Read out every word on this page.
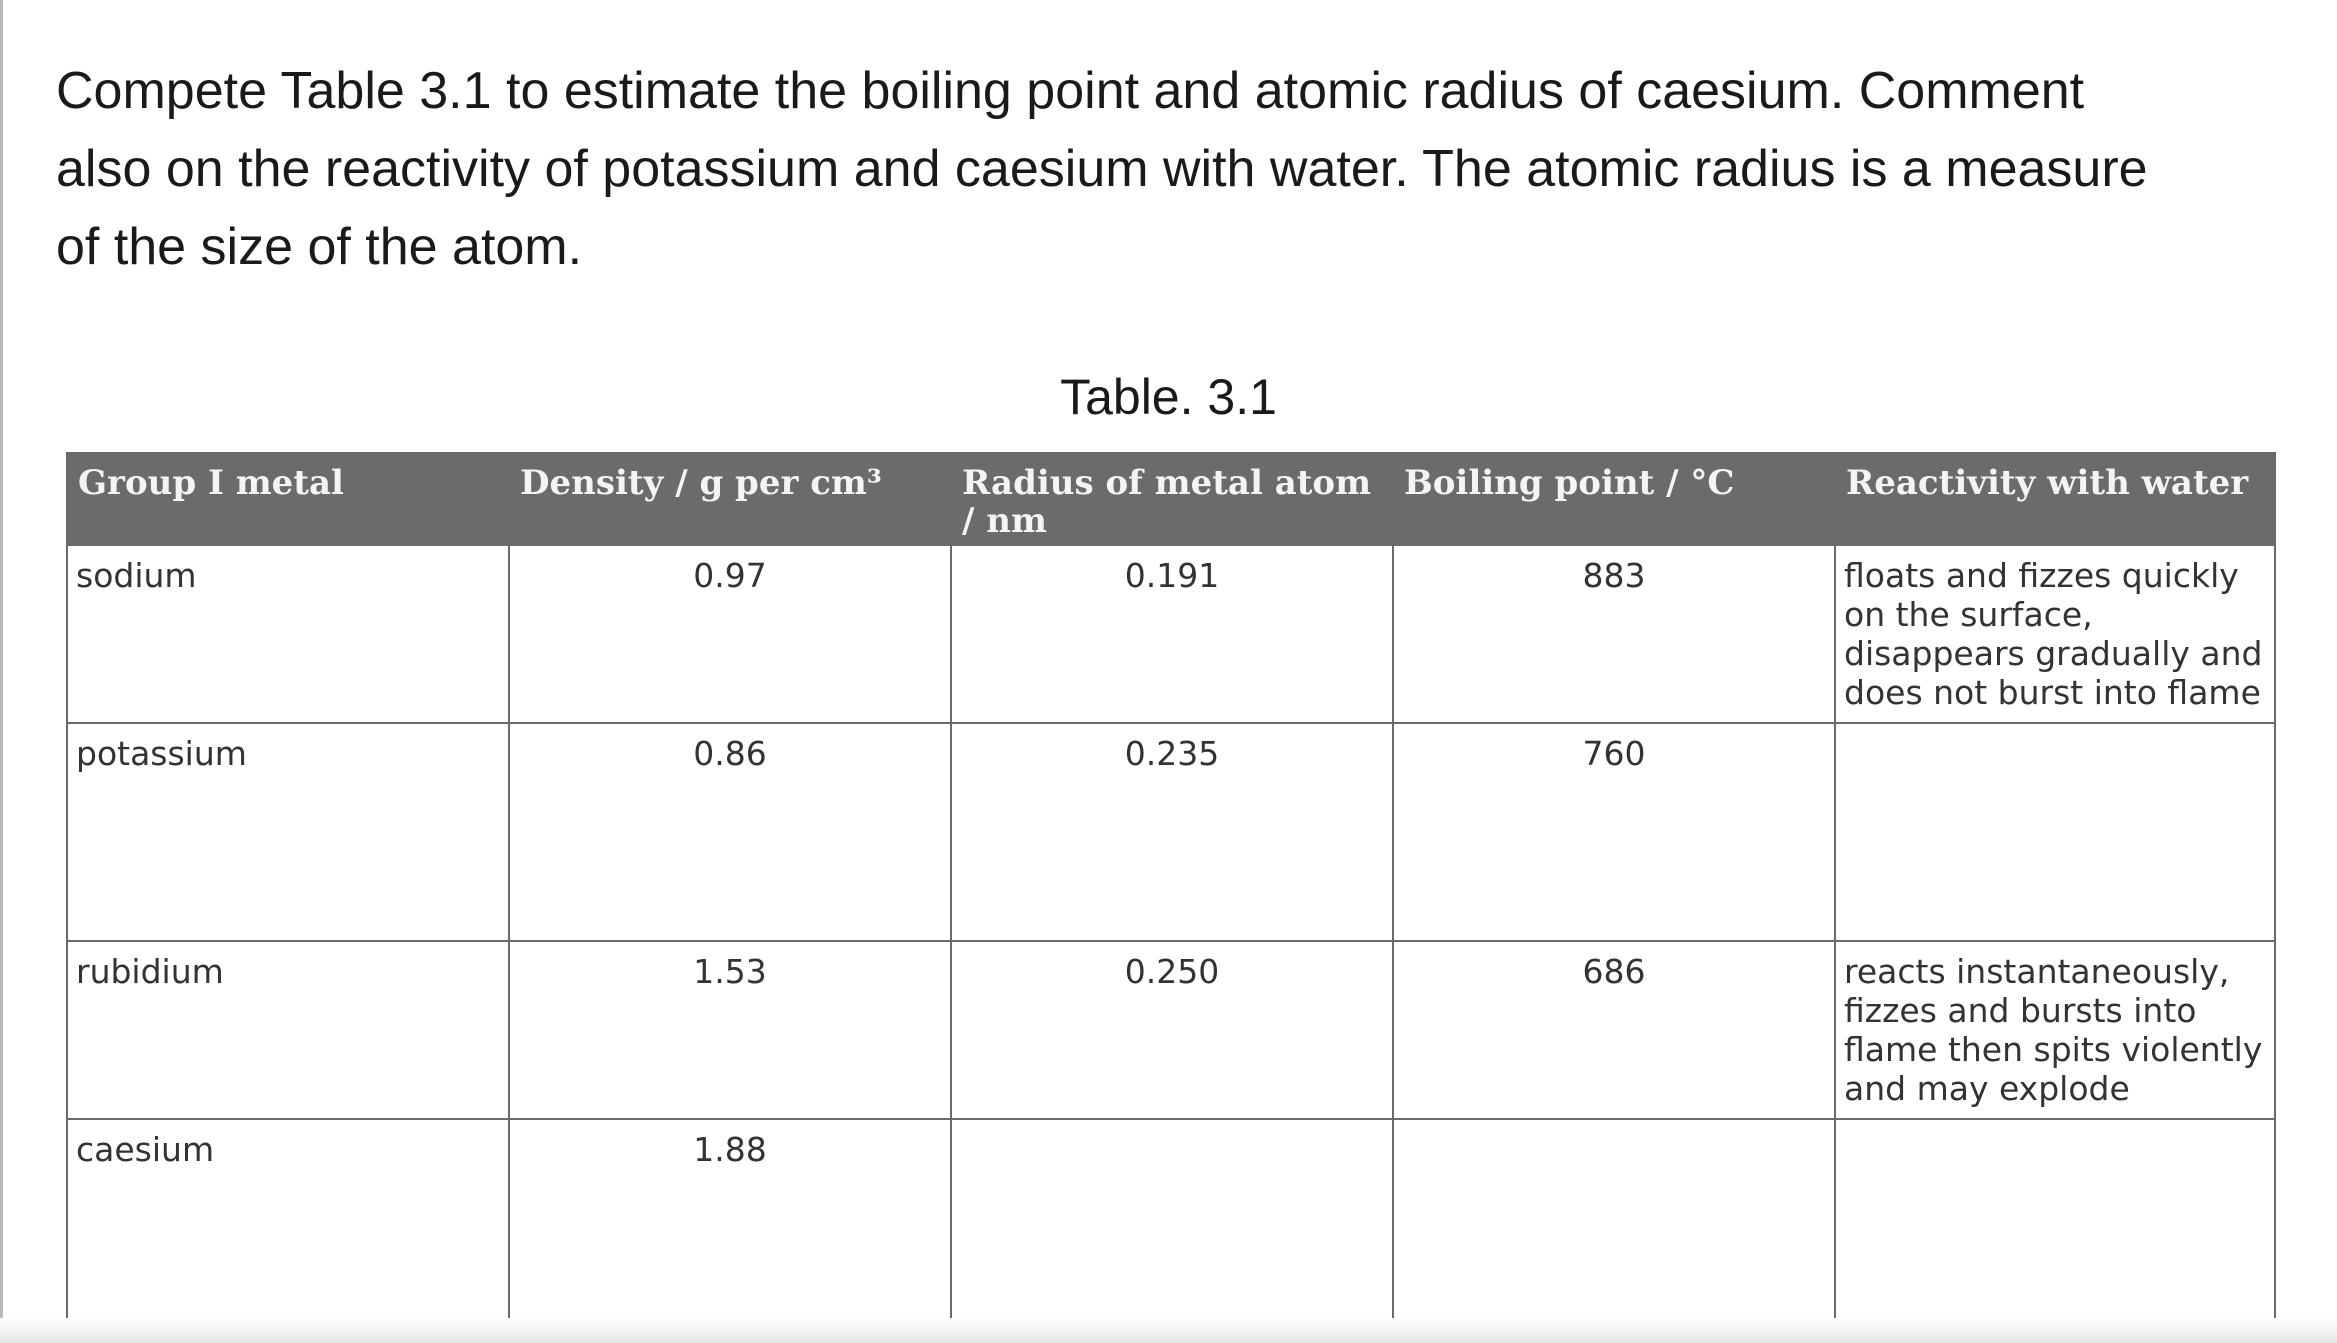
Compete Table 3.1 to estimate the boiling point and atomic radius of caesium. Comment

also on the reactivity of potassium and caesium with water. The atomic radius is a measure

of the size of the atom.

Table. 3.1
Group I metal	Density / g per cm³	Radius of metal atom / nm	Boiling point / °C	Reactivity with water
sodium	0.97	0.191	883	floats and fizzes quickly on the surface, disappears gradually and does not burst into flame
potassium	0.86	0.235	760	
rubidium	1.53	0.250	686	reacts instantaneously, fizzes and bursts into flame then spits violently and may explode
caesium	1.88			
